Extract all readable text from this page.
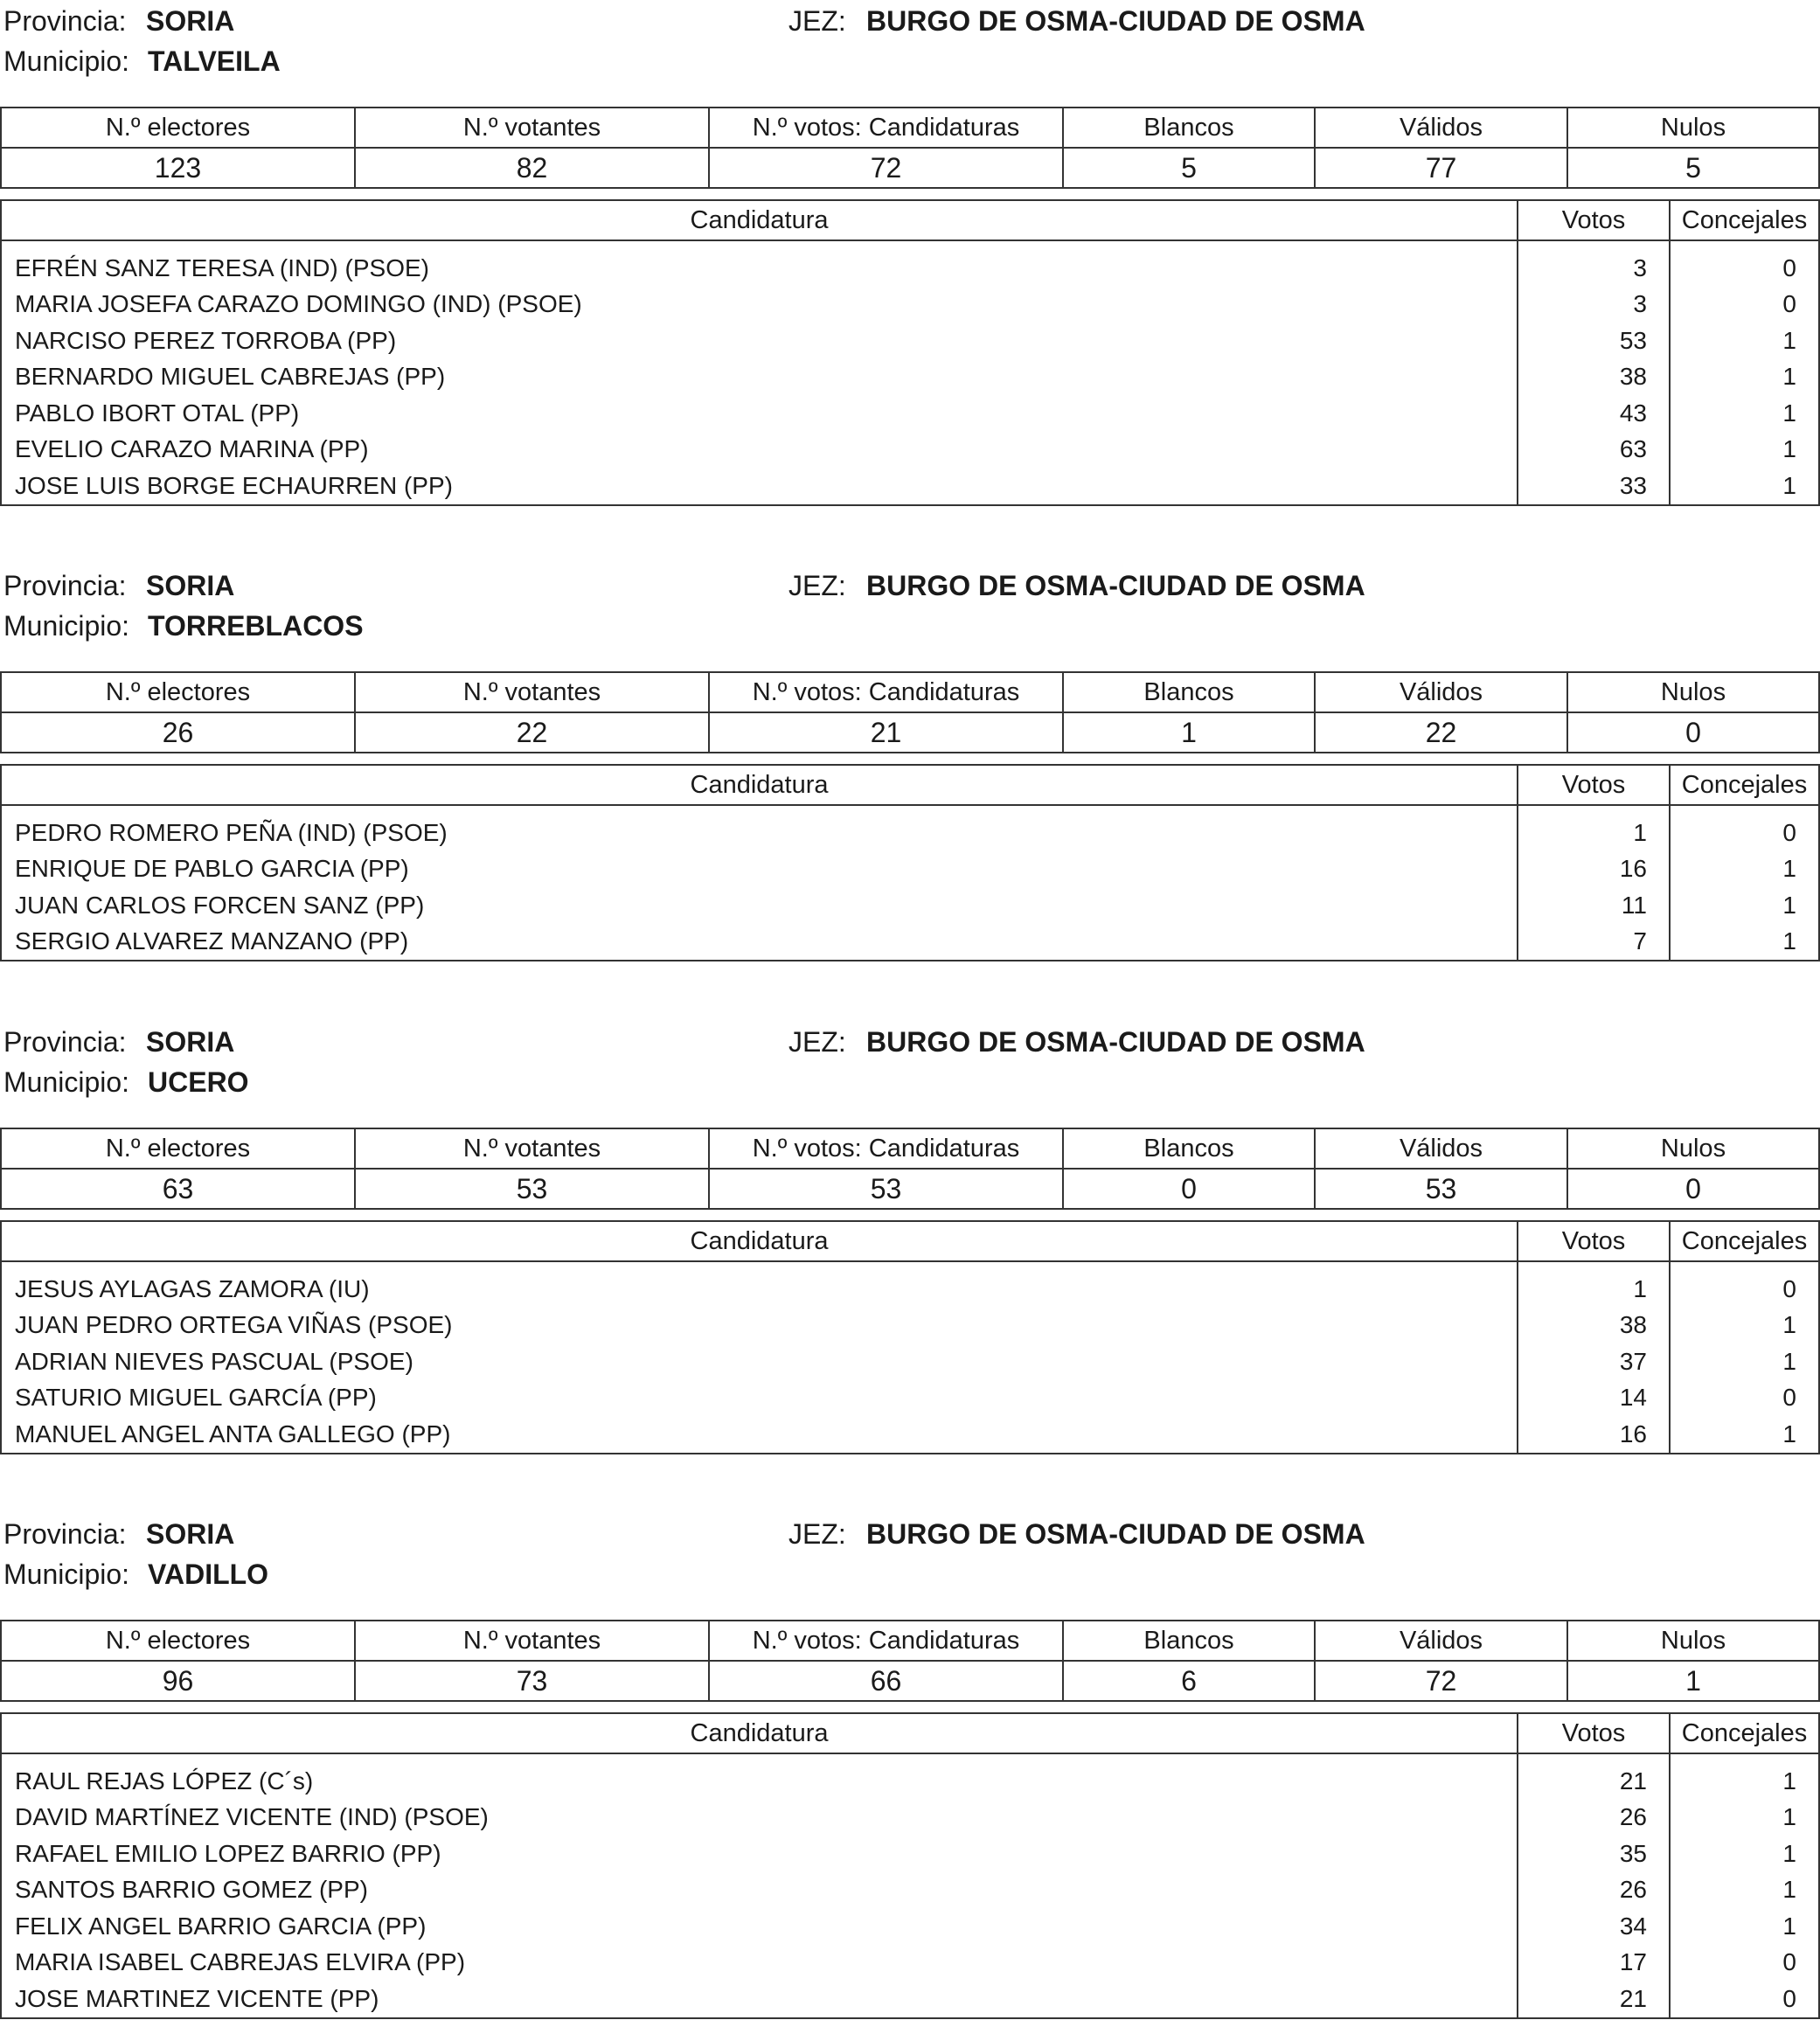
Provincia: SORIA	JEZ: BURGO DE OSMA-CIUDAD DE OSMA
Municipio: TALVEILA
N.º electores	N.º votantes	N.º votos: Candidaturas	Blancos	Válidos	Nulos
123	82	72	5	77	5
Candidatura	Votos	Concejales
EFRÉN SANZ TERESA (IND) (PSOE)	3	0
MARIA JOSEFA CARAZO DOMINGO (IND) (PSOE)	3	0
NARCISO PEREZ TORROBA (PP)	53	1
BERNARDO MIGUEL CABREJAS (PP)	38	1
PABLO IBORT OTAL (PP)	43	1
EVELIO CARAZO MARINA (PP)	63	1
JOSE LUIS BORGE ECHAURREN (PP)	33	1
Provincia: SORIA	JEZ: BURGO DE OSMA-CIUDAD DE OSMA
Municipio: TORREBLACOS
N.º electores	N.º votantes	N.º votos: Candidaturas	Blancos	Válidos	Nulos
26	22	21	1	22	0
Candidatura	Votos	Concejales
PEDRO ROMERO PEÑA (IND) (PSOE)	1	0
ENRIQUE DE PABLO GARCIA (PP)	16	1
JUAN CARLOS FORCEN SANZ (PP)	11	1
SERGIO ALVAREZ MANZANO (PP)	7	1
Provincia: SORIA	JEZ: BURGO DE OSMA-CIUDAD DE OSMA
Municipio: UCERO
N.º electores	N.º votantes	N.º votos: Candidaturas	Blancos	Válidos	Nulos
63	53	53	0	53	0
Candidatura	Votos	Concejales
JESUS AYLAGAS ZAMORA (IU)	1	0
JUAN PEDRO ORTEGA VIÑAS (PSOE)	38	1
ADRIAN NIEVES PASCUAL (PSOE)	37	1
SATURIO MIGUEL GARCÍA (PP)	14	0
MANUEL ANGEL ANTA GALLEGO (PP)	16	1
Provincia: SORIA	JEZ: BURGO DE OSMA-CIUDAD DE OSMA
Municipio: VADILLO
N.º electores	N.º votantes	N.º votos: Candidaturas	Blancos	Válidos	Nulos
96	73	66	6	72	1
Candidatura	Votos	Concejales
RAUL REJAS LÓPEZ (C´s)	21	1
DAVID MARTÍNEZ VICENTE (IND) (PSOE)	26	1
RAFAEL EMILIO LOPEZ BARRIO (PP)	35	1
SANTOS BARRIO GOMEZ (PP)	26	1
FELIX ANGEL BARRIO GARCIA (PP)	34	1
MARIA ISABEL CABREJAS ELVIRA (PP)	17	0
JOSE MARTINEZ VICENTE (PP)	21	0
